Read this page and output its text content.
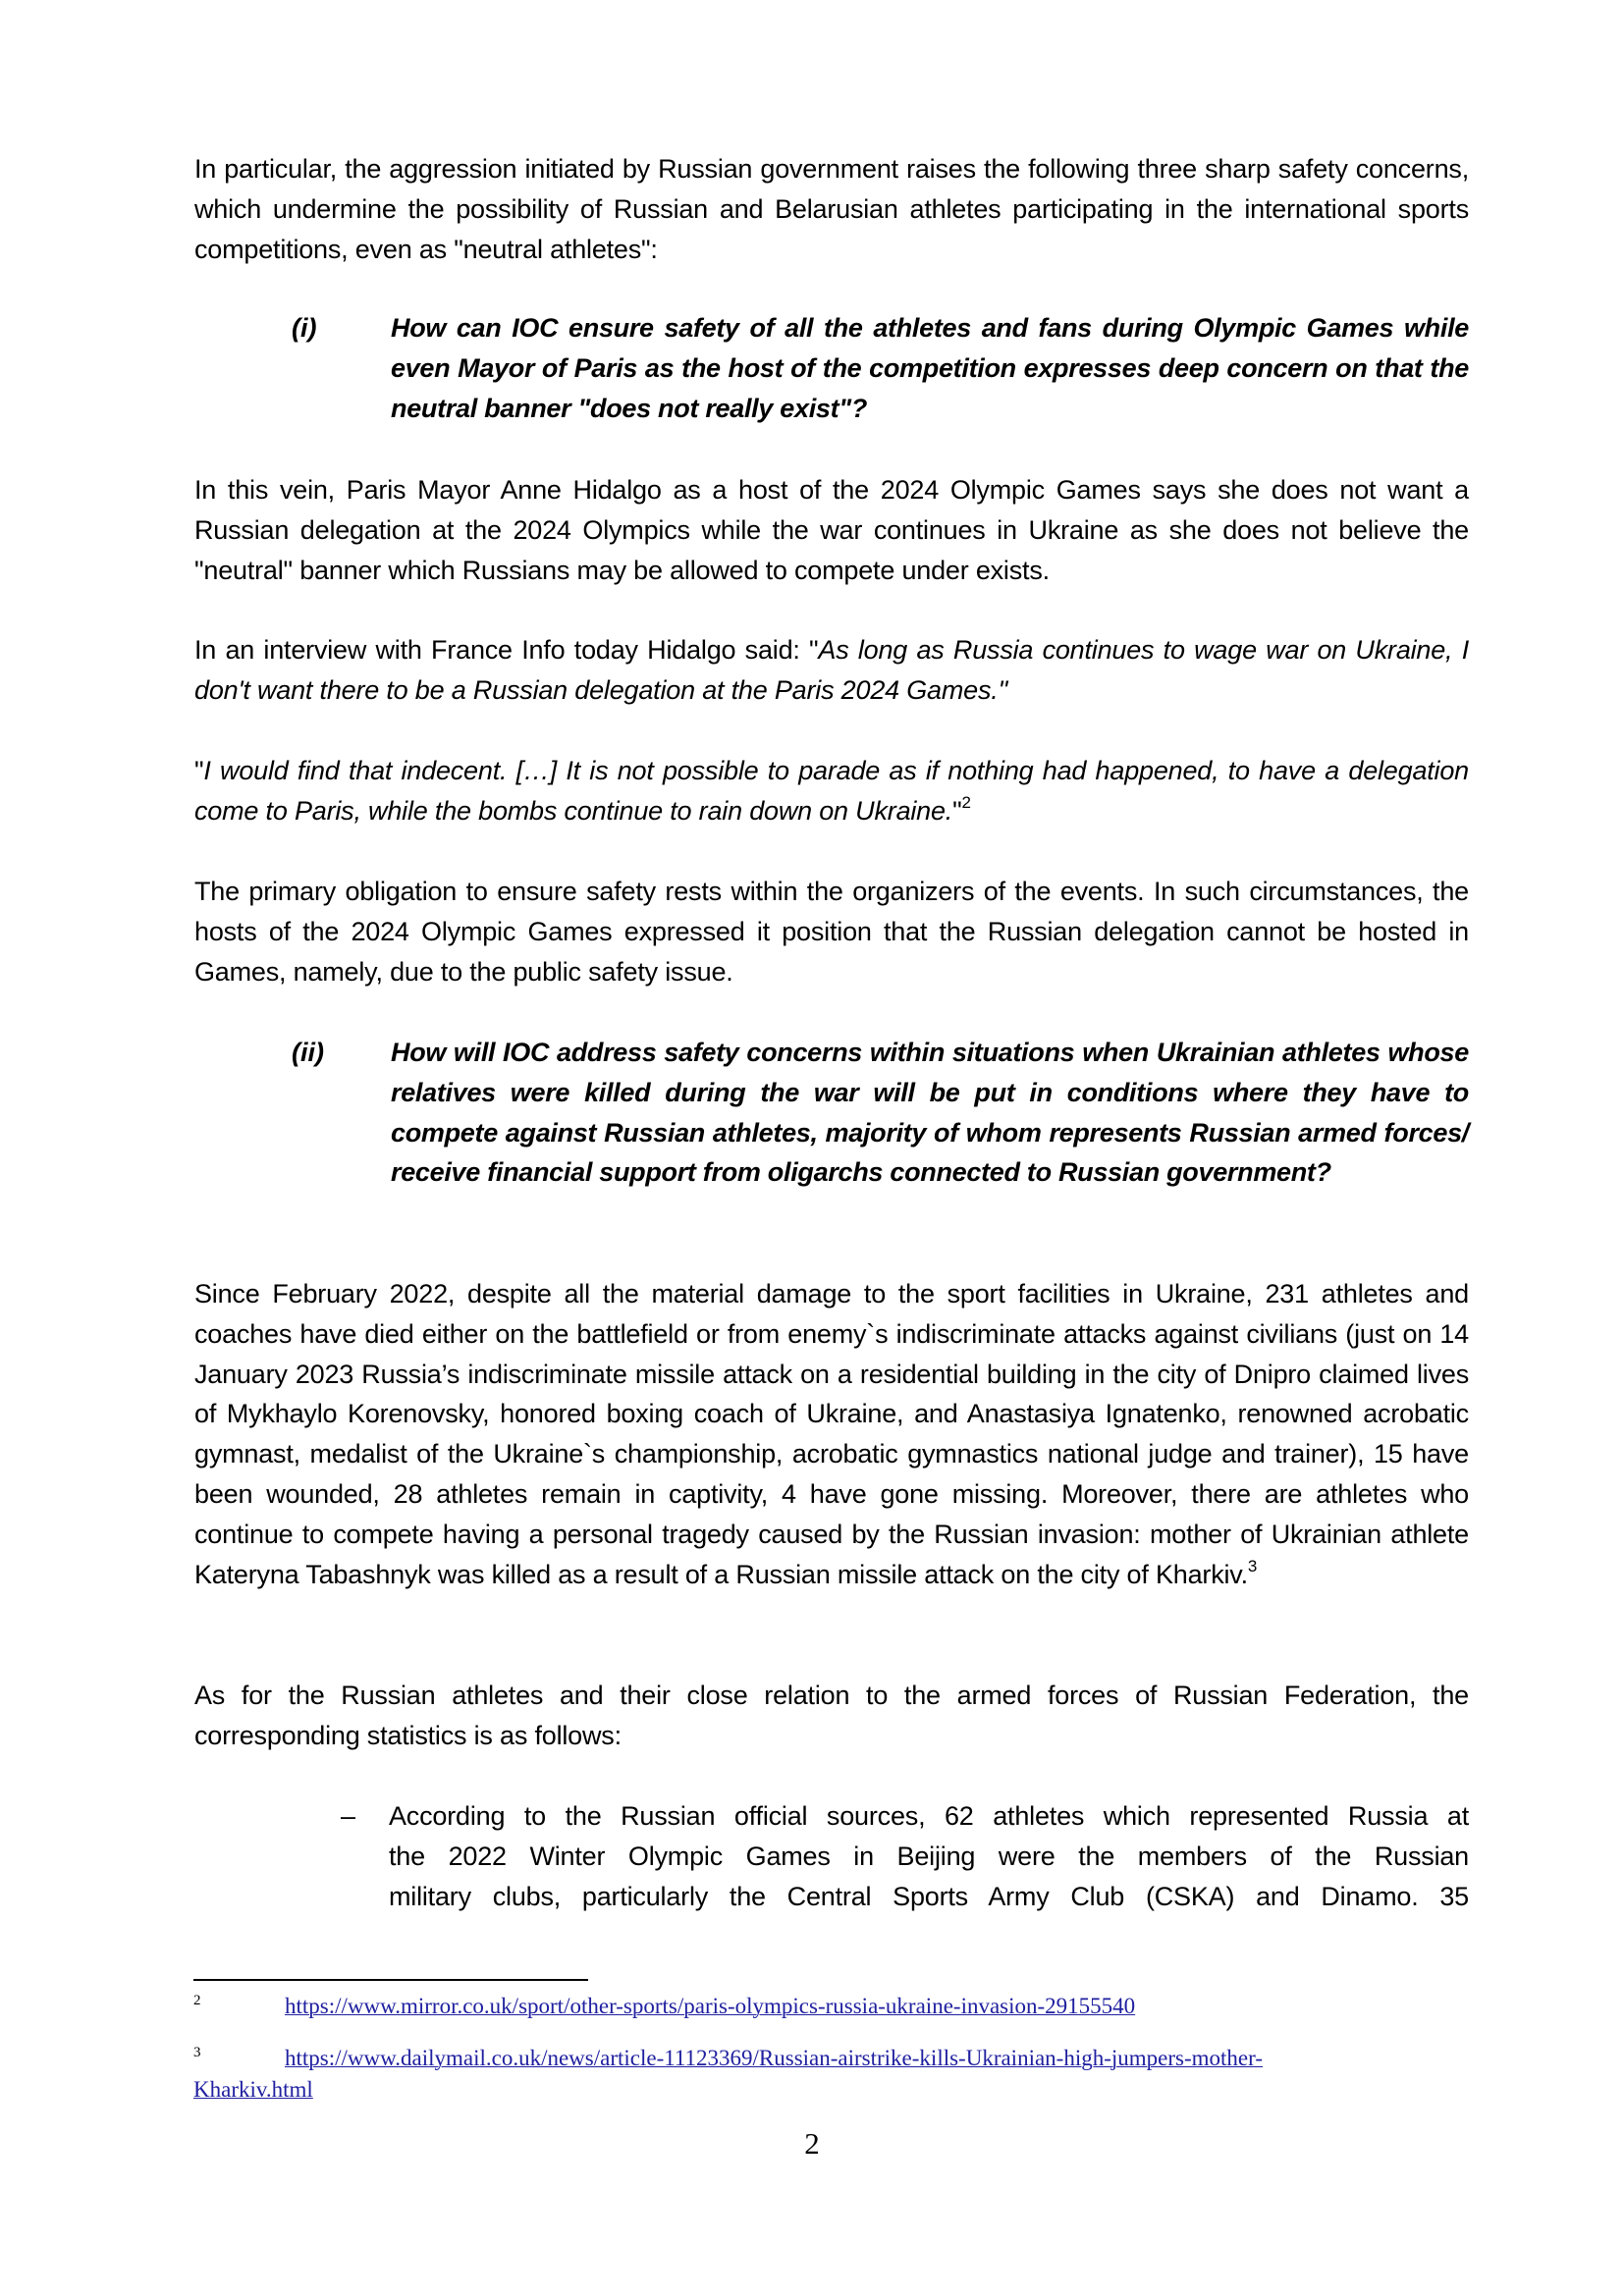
In particular, the aggression initiated by Russian government raises the following three sharp safety concerns, which undermine the possibility of Russian and Belarusian athletes participating in the international sports competitions, even as "neutral athletes":

(i)	How can IOC ensure safety of all the athletes and fans during Olympic Games while even Mayor of Paris as the host of the competition expresses deep concern on that the neutral banner "does not really exist"?

In this vein, Paris Mayor Anne Hidalgo as a host of the 2024 Olympic Games says she does not want a Russian delegation at the 2024 Olympics while the war continues in Ukraine as she does not believe the "neutral" banner which Russians may be allowed to compete under exists.

In an interview with France Info today Hidalgo said: "As long as Russia continues to wage war on Ukraine, I don't want there to be a Russian delegation at the Paris 2024 Games."

"I would find that indecent. […] It is not possible to parade as if nothing had happened, to have a delegation come to Paris, while the bombs continue to rain down on Ukraine."$^2$

The primary obligation to ensure safety rests within the organizers of the events. In such circumstances, the hosts of the 2024 Olympic Games expressed it position that the Russian delegation cannot be hosted in Games, namely, due to the public safety issue.

(ii)	How will IOC address safety concerns within situations when Ukrainian athletes whose relatives were killed during the war will be put in conditions where they have to compete against Russian athletes, majority of whom represents Russian armed forces/ receive financial support from oligarchs connected to Russian government?

Since February 2022, despite all the material damage to the sport facilities in Ukraine, 231 athletes and coaches have died either on the battlefield or from enemy`s indiscriminate attacks against civilians (just on 14 January 2023 Russia’s indiscriminate missile attack on a residential building in the city of Dnipro claimed lives of Mykhaylo Korenovsky, honored boxing coach of Ukraine, and Anastasiya Ignatenko, renowned acrobatic gymnast, medalist of the Ukraine`s championship, acrobatic gymnastics national judge and trainer), 15 have been wounded, 28 athletes remain in captivity, 4 have gone missing. Moreover, there are athletes who continue to compete having a personal tragedy caused by the Russian invasion: mother of Ukrainian athlete Kateryna Tabashnyk was killed as a result of a Russian missile attack on the city of Kharkiv.$^3$

As for the Russian athletes and their close relation to the armed forces of Russian Federation, the corresponding statistics is as follows:

– According to the Russian official sources, 62 athletes which represented Russia at
the 2022 Winter Olympic Games in Beijing were the members of the Russian
military clubs, particularly the Central Sports Army Club (CSKA) and Dinamo. 35
2	https://www.mirror.co.uk/sport/other-sports/paris-olympics-russia-ukraine-invasion-29155540
3	https://www.dailymail.co.uk/news/article-11123369/Russian-airstrike-kills-Ukrainian-high-jumpers-mother-
Kharkiv.html
2
